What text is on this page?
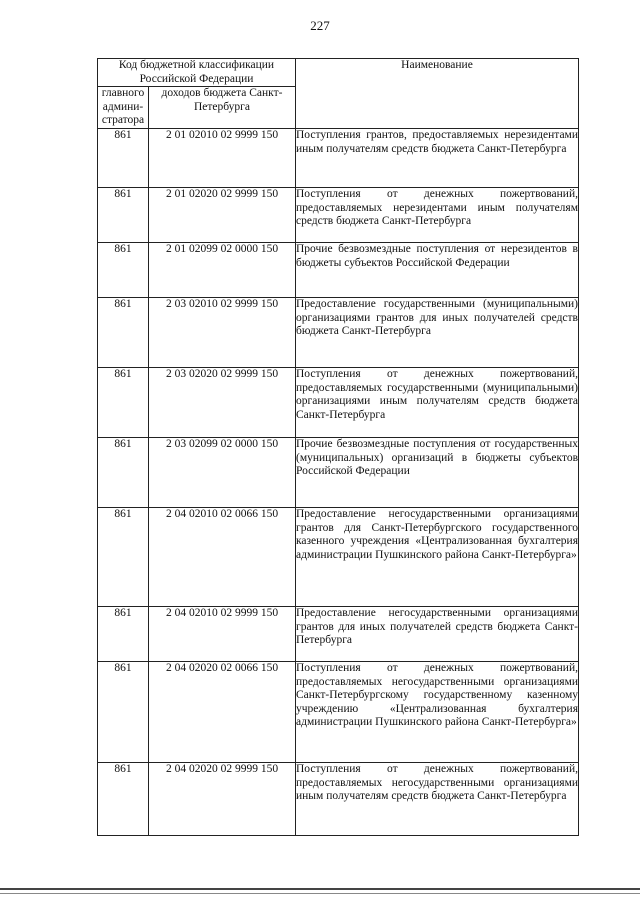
227
Код бюджетной классификации Российской Федерации		Наименование
главного админи-стратора	доходов бюджета Санкт-Петербурга	
861	2 01 02010 02 9999 150	Поступления грантов, предоставляемых нерезидентами иным получателям средств бюджета Санкт-Петербурга
861	2 01 02020 02 9999 150	Поступления от денежных пожертвований, предоставляемых нерезидентами иным получателям средств бюджета Санкт-Петербурга
861	2 01 02099 02 0000 150	Прочие безвозмездные поступления от нерезидентов в бюджеты субъектов Российской Федерации
861	2 03 02010 02 9999 150	Предоставление государственными (муниципальными) организациями грантов для иных получателей средств бюджета Санкт-Петербурга
861	2 03 02020 02 9999 150	Поступления от денежных пожертвований, предоставляемых государственными (муниципальными) организациями иным получателям средств бюджета Санкт-Петербурга
861	2 03 02099 02 0000 150	Прочие безвозмездные поступления от государственных (муниципальных) организаций в бюджеты субъектов Российской Федерации
861	2 04 02010 02 0066 150	Предоставление негосударственными организациями грантов для Санкт-Петербургского государственного казенного учреждения «Централизованная бухгалтерия администрации Пушкинского района Санкт-Петербурга»
861	2 04 02010 02 9999 150	Предоставление негосударственными организациями грантов для иных получателей средств бюджета Санкт-Петербурга
861	2 04 02020 02 0066 150	Поступления от денежных пожертвований, предоставляемых негосударственными организациями Санкт-Петербургскому государственному казенному учреждению «Централизованная бухгалтерия администрации Пушкинского района Санкт-Петербурга»
861	2 04 02020 02 9999 150	Поступления от денежных пожертвований, предоставляемых негосударственными организациями иным получателям средств бюджета Санкт-Петербурга
